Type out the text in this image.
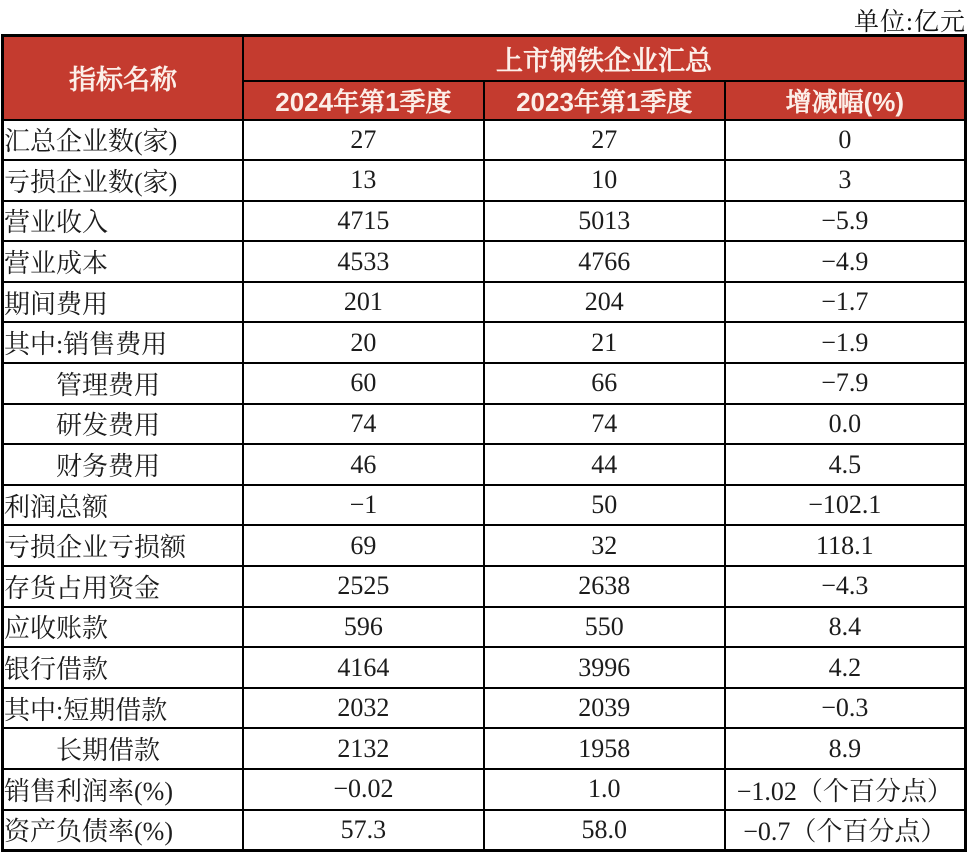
单位:亿元
指标名称	上市钢铁企业汇总		
	2024年第1季度	2023年第1季度	增减幅(%)
汇总企业数(家)	27	27	0
亏损企业数(家)	13	10	3
营业收入	4715	5013	−5.9
营业成本	4533	4766	−4.9
期间费用	201	204	−1.7
其中:销售费用	20	21	−1.9
管理费用	60	66	−7.9
研发费用	74	74	0.0
财务费用	46	44	4.5
利润总额	−1	50	−102.1
亏损企业亏损额	69	32	118.1
存货占用资金	2525	2638	−4.3
应收账款	596	550	8.4
银行借款	4164	3996	4.2
其中:短期借款	2032	2039	−0.3
长期借款	2132	1958	8.9
销售利润率(%)	−0.02	1.0	−1.02（个百分点）
资产负债率(%)	57.3	58.0	−0.7（个百分点）
